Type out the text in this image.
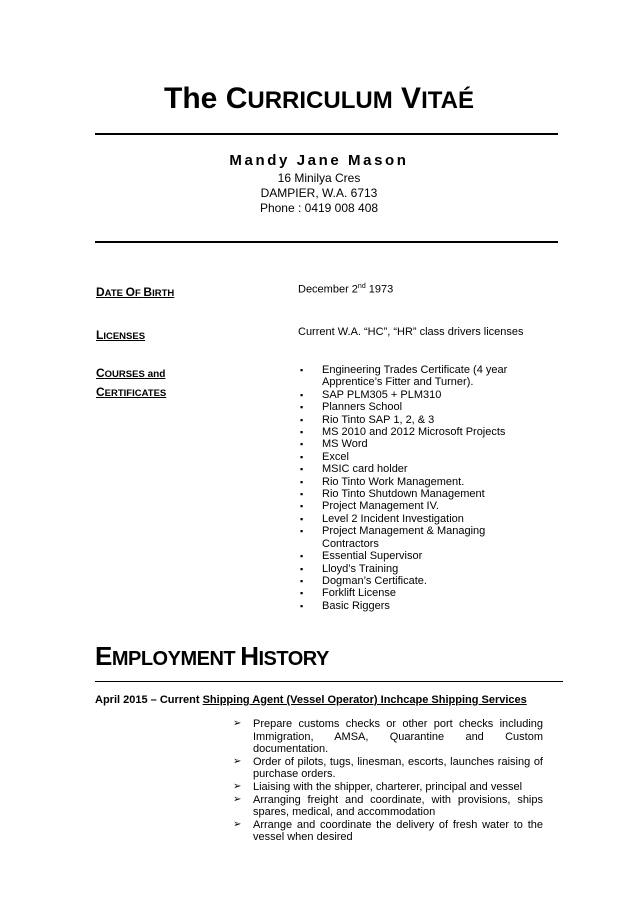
The CURRICULUM VITAÉ
Mandy Jane Mason
16 Minilya Cres
DAMPIER, W.A. 6713
Phone : 0419 008 408
DATE OF BIRTH	December 2nd 1973
LICENSES	Current W.A. “HC”, “HR” class drivers licenses
COURSES and
CERTIFICATES
▪ Engineering Trades Certificate (4 year Apprentice’s Fitter and Turner).
▪ SAP PLM305 + PLM310
▪ Planners School
▪ Rio Tinto SAP 1, 2, & 3
▪ MS 2010 and 2012 Microsoft Projects
▪ MS Word
▪ Excel
▪ MSIC card holder
▪ Rio Tinto Work Management.
▪ Rio Tinto Shutdown Management
▪ Project Management IV.
▪ Level 2 Incident Investigation
▪ Project Management & Managing Contractors
▪ Essential Supervisor
▪ Lloyd’s Training
▪ Dogman’s Certificate.
▪ Forklift License
▪ Basic Riggers
EMPLOYMENT HISTORY
April 2015 – Current Shipping Agent (Vessel Operator) Inchcape Shipping Services
➢ Prepare customs checks or other port checks including Immigration, AMSA, Quarantine and Custom documentation.
➢ Order of pilots, tugs, linesman, escorts, launches raising of purchase orders.
➢ Liaising with the shipper, charterer, principal and vessel
➢ Arranging freight and coordinate, with provisions, ships spares, medical, and accommodation
➢ Arrange and coordinate the delivery of fresh water to the vessel when desired
